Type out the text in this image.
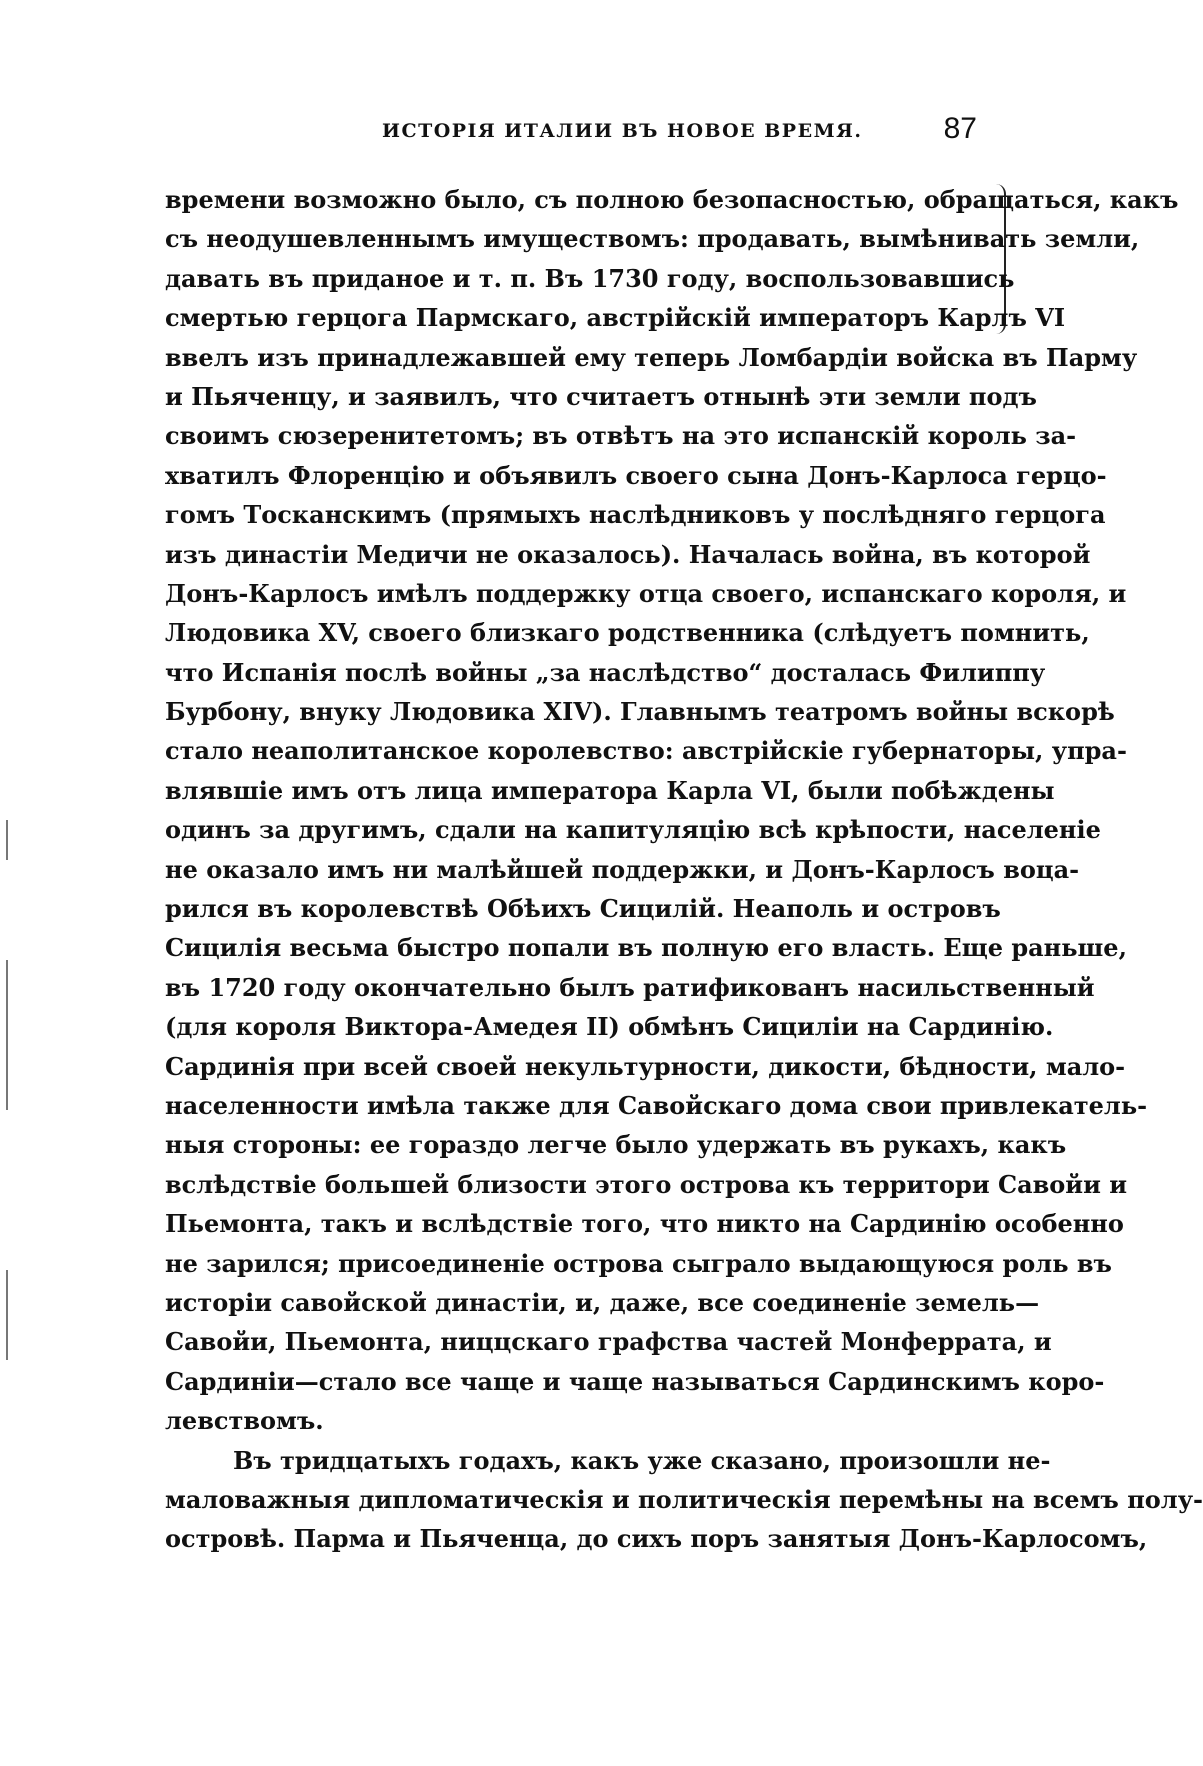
ИСТОРІЯ ИТАЛИИ ВЪ НОВОЕ ВРЕМЯ.	87
времени возможно было, съ полною безопасностью, обращаться, какъ
съ неодушевленнымъ имуществомъ: продавать, вымѣнивать земли,
давать въ приданое и т. п. Въ 1730 году, воспользовавшись
смертью герцога Пармскаго, австрійскій императоръ Карлъ VI
ввелъ изъ принадлежавшей ему теперь Ломбардіи войска въ Парму
и Пьяченцу, и заявилъ, что считаетъ отнынѣ эти земли подъ
своимъ сюзеренитетомъ; въ отвѣтъ на это испанскій король за-
хватилъ Флоренцію и объявилъ своего сына Донъ-Карлоса герцо-
гомъ Тосканскимъ (прямыхъ наслѣдниковъ у послѣдняго герцога
изъ династіи Медичи не оказалось). Началась война, въ которой
Донъ-Карлосъ имѣлъ поддержку отца своего, испанскаго короля, и
Людовика XV, своего близкаго родственника (слѣдуетъ помнить,
что Испанія послѣ войны „за наслѣдство“ досталась Филиппу
Бурбону, внуку Людовика XIV). Главнымъ театромъ войны вскорѣ
стало неаполитанское королевство: австрійскіе губернаторы, упра-
влявшіе имъ отъ лица императора Карла VI, были побѣждены
одинъ за другимъ, сдали на капитуляцію всѣ крѣпости, населеніе
не оказало имъ ни малѣйшей поддержки, и Донъ-Карлосъ воца-
рился въ королевствѣ Обѣихъ Сицилій. Неаполь и островъ
Сицилія весьма быстро попали въ полную его власть. Еще раньше,
въ 1720 году окончательно былъ ратификованъ насильственный
(для короля Виктора-Амедея II) обмѣнъ Сициліи на Сардинію.
Сардинія при всей своей некультурности, дикости, бѣдности, мало-
населенности имѣла также для Савойскаго дома свои привлекатель-
ныя стороны: ее гораздо легче было удержать въ рукахъ, какъ
вслѣдствіе большей близости этого острова къ территори Савойи и
Пьемонта, такъ и вслѣдствіе того, что никто на Сардинію особенно
не зарился; присоединеніе острова сыграло выдающуюся роль въ
исторіи савойской династіи, и, даже, все соединеніе земель—
Савойи, Пьемонта, ниццскаго графства частей Монферрата, и
Сардиніи—стало все чаще и чаще называться Сардинскимъ коро-
левствомъ.
Въ тридцатыхъ годахъ, какъ уже сказано, произошли не-
маловажныя дипломатическія и политическія перемѣны на всемъ полу-
островѣ. Парма и Пьяченца, до сихъ поръ занятыя Донъ-Карлосомъ,
